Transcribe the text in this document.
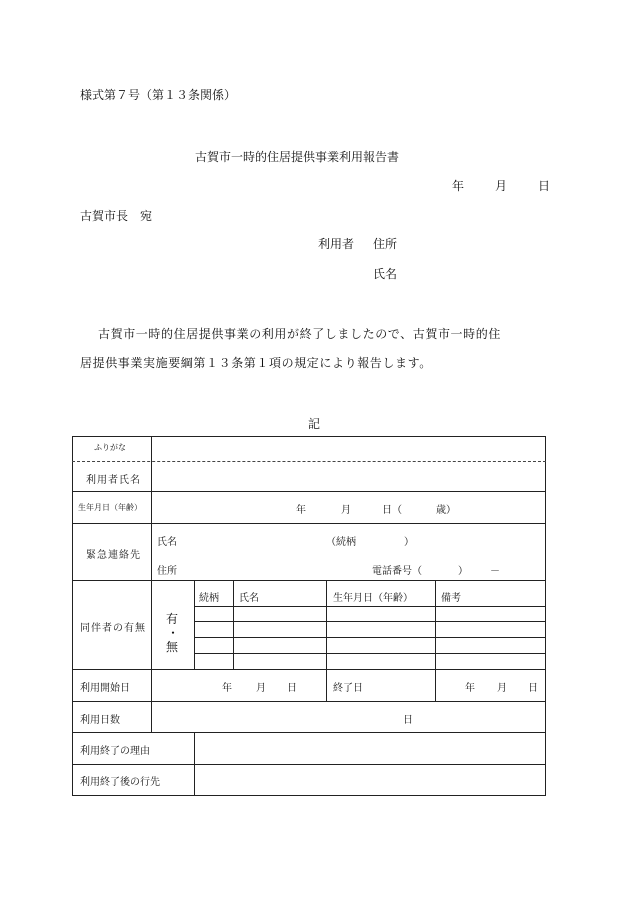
様式第７号（第１３条関係）
古賀市一時的住居提供事業利用報告書
年	月	日
古賀市長　宛
利用者 住所
氏名
古賀市一時的住居提供事業の利用が終了しましたので、古賀市一時的住
居提供事業実施要綱第１３条第１項の規定により報告します。
記
ふりがな
利用者氏名
生年月日（年齢）	年	月	日（	歳）
緊急連絡先
氏名	（続柄	）
住所	電話番号（	） －
同伴者の有無
有
・
無
続柄 氏名	生年月日（年齢）	備考
利用開始日	年 月 日	終了日	年 月 日
利用日数	日
利用終了の理由
利用終了後の行先
